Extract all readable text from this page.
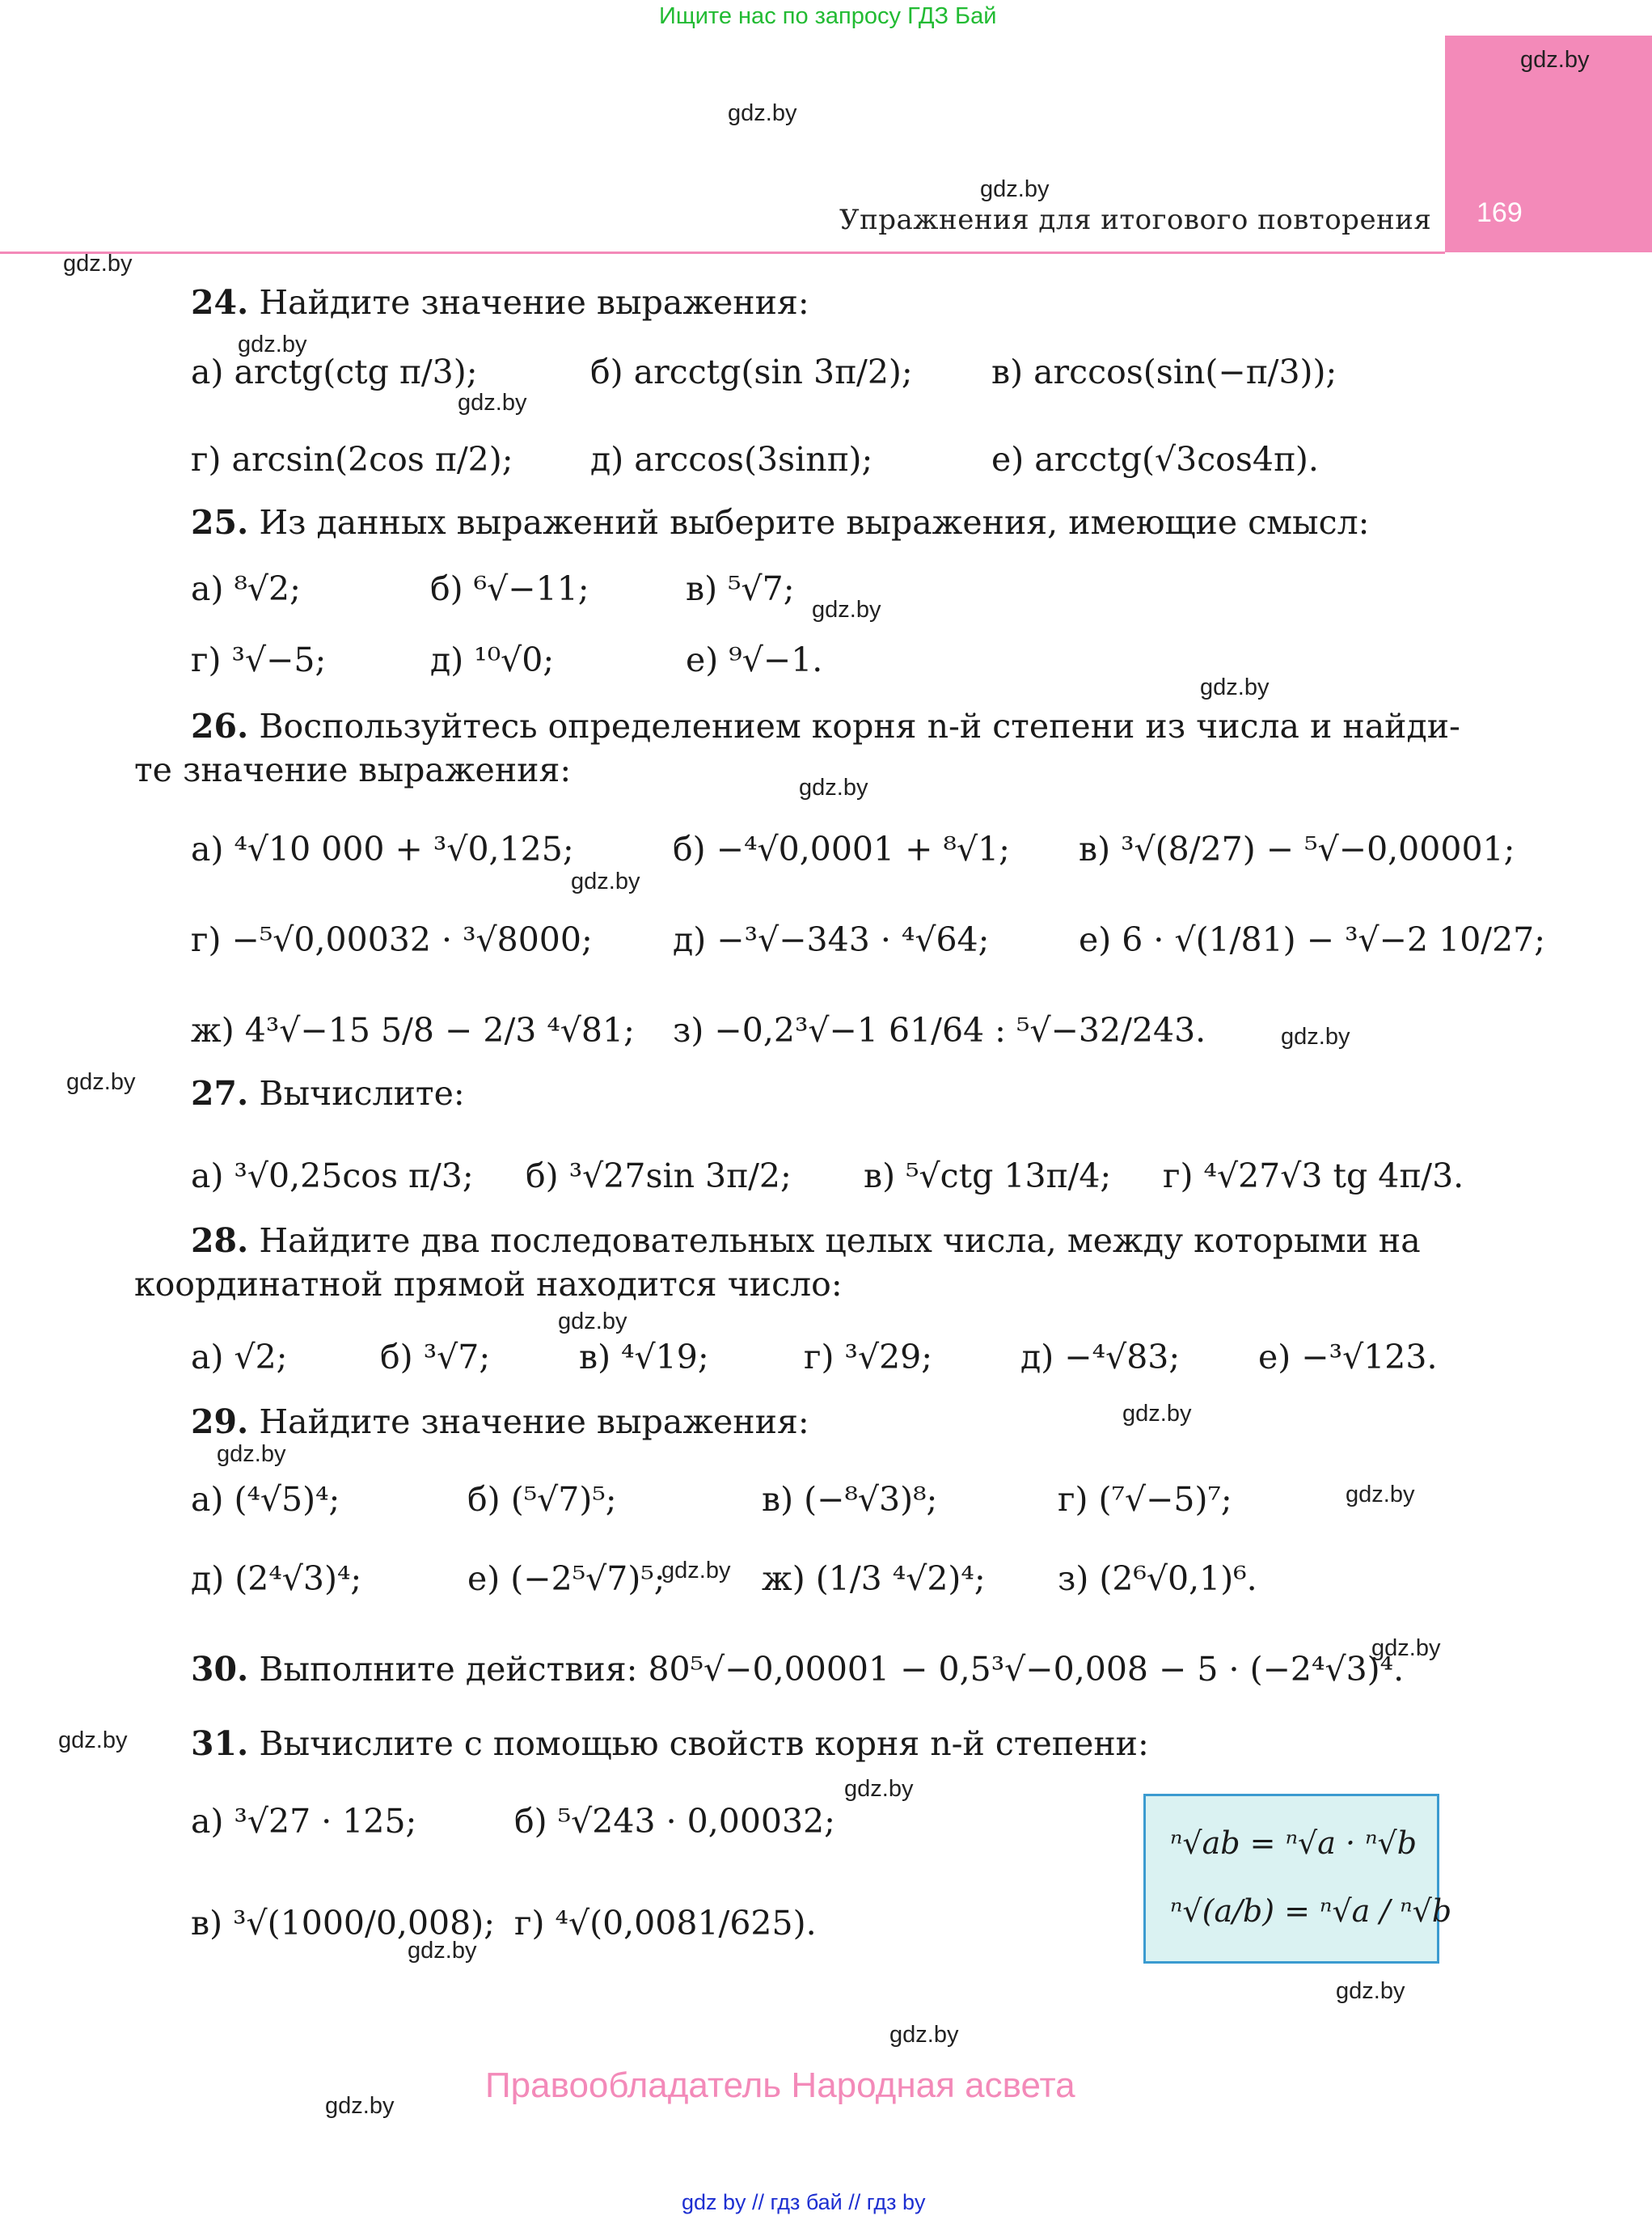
Ищите нас по запросу ГДЗ Бай
169
Упражнения для итогового повторения
gdz.by
gdz.by
gdz.by
gdz.by
gdz.by
gdz.by
gdz.by
gdz.by
gdz.by
gdz.by
gdz.by
gdz.by
gdz.by
gdz.by
gdz.by
gdz.by
gdz.by
gdz.by
gdz.by
gdz.by
gdz.by
gdz.by
gdz.by
gdz.by
24. Найдите значение выражения:
а) arctg(ctg π/3);	б) arcctg(sin 3π/2); в) arccos(sin(−π/3));
г) arcsin(2cos π/2); д) arccos(3sinπ);	е) arcctg(√3cos4π).
25. Из данных выражений выберите выражения, имеющие смысл:
а) ⁸√2;	б) ⁶√−11;	в) ⁵√7;
г) ³√−5;	д) ¹⁰√0;	е) ⁹√−1.
26. Воспользуйтесь определением корня n-й степени из числа и найди-
те значение выражения:
а) ⁴√10 000 + ³√0,125;	б) −⁴√0,0001 + ⁸√1; в) ³√(8/27) − ⁵√−0,00001;
г) −⁵√0,00032 · ³√8000; д) −³√−343 · ⁴√64;	е) 6 · √(1/81) − ³√−2 10/27;
ж) 4³√−15 5/8 − 2/3 ⁴√81; з) −0,2³√−1 61/64 : ⁵√−32/243.
27. Вычислите:
а) ³√0,25cos π/3; б) ³√27sin 3π/2; в) ⁵√ctg 13π/4; г) ⁴√27√3 tg 4π/3.
28. Найдите два последовательных целых числа, между которыми на
координатной прямой находится число:
а) √2;	б) ³√7;	в) ⁴√19;	г) ³√29;	д) −⁴√83; е) −³√123.
29. Найдите значение выражения:
а) (⁴√5)⁴;	б) (⁵√7)⁵;	в) (−⁸√3)⁸;	г) (⁷√−5)⁷;
д) (2⁴√3)⁴;	е) (−2⁵√7)⁵;	ж) (1/3 ⁴√2)⁴; з) (2⁶√0,1)⁶.
30. Выполните действия: 80⁵√−0,00001 − 0,5³√−0,008 − 5 · (−2⁴√3)⁴.
31. Вычислите с помощью свойств корня n-й степени:
а) ³√27 · 125;	б) ⁵√243 · 0,00032;
в) ³√(1000/0,008); г) ⁴√(0,0081/625).
ⁿ√ab = ⁿ√a · ⁿ√b
ⁿ√(a/b) = ⁿ√a / ⁿ√b
Правообладатель Народная асвета
gdz by // гдз бай // гдз by
